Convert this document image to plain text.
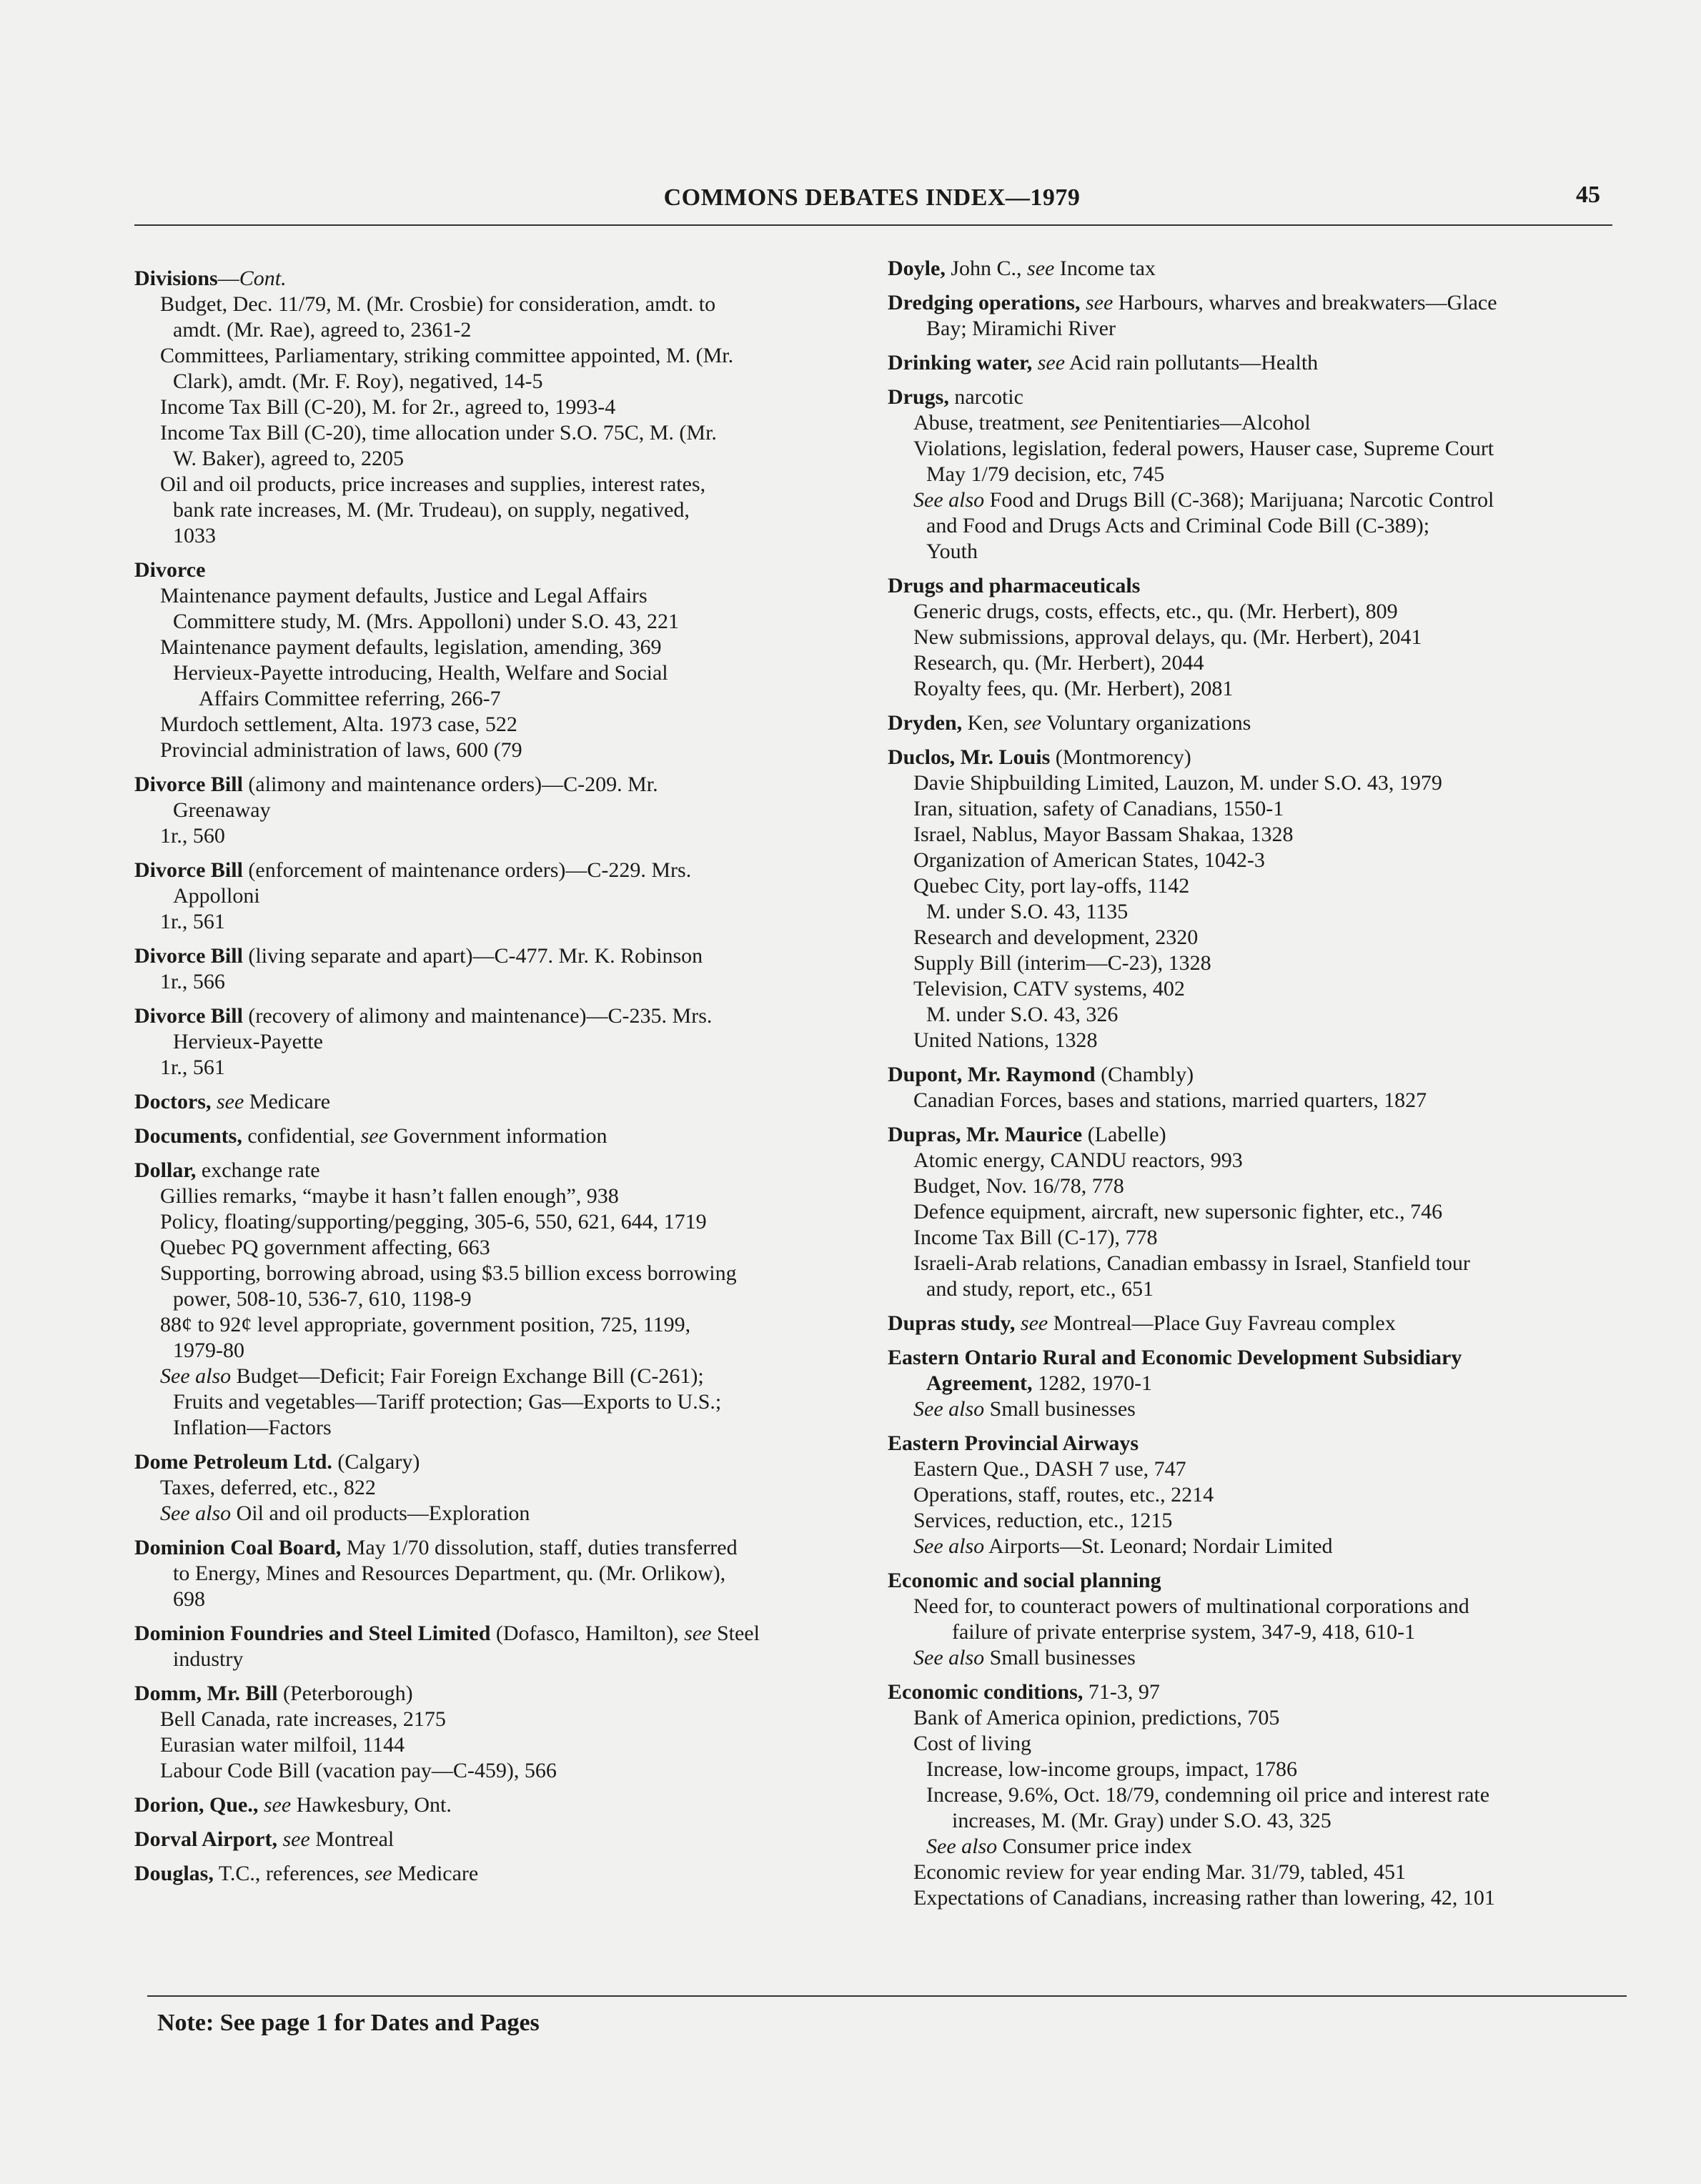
COMMONS DEBATES INDEX—1979	45
Divisions—Cont.
Budget, Dec. 11/79, M. (Mr. Crosbie) for consideration, amdt. to
amdt. (Mr. Rae), agreed to, 2361-2
Committees, Parliamentary, striking committee appointed, M. (Mr.
Clark), amdt. (Mr. F. Roy), negatived, 14-5
Income Tax Bill (C-20), M. for 2r., agreed to, 1993-4
Income Tax Bill (C-20), time allocation under S.O. 75C, M. (Mr.
W. Baker), agreed to, 2205
Oil and oil products, price increases and supplies, interest rates,
bank rate increases, M. (Mr. Trudeau), on supply, negatived,
1033
Divorce
Maintenance payment defaults, Justice and Legal Affairs
Committere study, M. (Mrs. Appolloni) under S.O. 43, 221
Maintenance payment defaults, legislation, amending, 369
Hervieux-Payette introducing, Health, Welfare and Social
Affairs Committee referring, 266-7
Murdoch settlement, Alta. 1973 case, 522
Provincial administration of laws, 600 (79
Divorce Bill (alimony and maintenance orders)—C-209. Mr.
Greenaway
1r., 560
Divorce Bill (enforcement of maintenance orders)—C-229. Mrs.
Appolloni
1r., 561
Divorce Bill (living separate and apart)—C-477. Mr. K. Robinson
1r., 566
Divorce Bill (recovery of alimony and maintenance)—C-235. Mrs.
Hervieux-Payette
1r., 561
Doctors, see Medicare
Documents, confidential, see Government information
Dollar, exchange rate
Gillies remarks, “maybe it hasn’t fallen enough”, 938
Policy, floating/supporting/pegging, 305-6, 550, 621, 644, 1719
Quebec PQ government affecting, 663
Supporting, borrowing abroad, using $3.5 billion excess borrowing
power, 508-10, 536-7, 610, 1198-9
88¢ to 92¢ level appropriate, government position, 725, 1199,
1979-80
See also Budget—Deficit; Fair Foreign Exchange Bill (C-261);
Fruits and vegetables—Tariff protection; Gas—Exports to U.S.;
Inflation—Factors
Dome Petroleum Ltd. (Calgary)
Taxes, deferred, etc., 822
See also Oil and oil products—Exploration
Dominion Coal Board, May 1/70 dissolution, staff, duties transferred
to Energy, Mines and Resources Department, qu. (Mr. Orlikow),
698
Dominion Foundries and Steel Limited (Dofasco, Hamilton), see Steel
industry
Domm, Mr. Bill (Peterborough)
Bell Canada, rate increases, 2175
Eurasian water milfoil, 1144
Labour Code Bill (vacation pay—C-459), 566
Dorion, Que., see Hawkesbury, Ont.
Dorval Airport, see Montreal
Douglas, T.C., references, see Medicare
Doyle, John C., see Income tax
Dredging operations, see Harbours, wharves and breakwaters—Glace
Bay; Miramichi River
Drinking water, see Acid rain pollutants—Health
Drugs, narcotic
Abuse, treatment, see Penitentiaries—Alcohol
Violations, legislation, federal powers, Hauser case, Supreme Court
May 1/79 decision, etc, 745
See also Food and Drugs Bill (C-368); Marijuana; Narcotic Control
and Food and Drugs Acts and Criminal Code Bill (C-389);
Youth
Drugs and pharmaceuticals
Generic drugs, costs, effects, etc., qu. (Mr. Herbert), 809
New submissions, approval delays, qu. (Mr. Herbert), 2041
Research, qu. (Mr. Herbert), 2044
Royalty fees, qu. (Mr. Herbert), 2081
Dryden, Ken, see Voluntary organizations
Duclos, Mr. Louis (Montmorency)
Davie Shipbuilding Limited, Lauzon, M. under S.O. 43, 1979
Iran, situation, safety of Canadians, 1550-1
Israel, Nablus, Mayor Bassam Shakaa, 1328
Organization of American States, 1042-3
Quebec City, port lay-offs, 1142
M. under S.O. 43, 1135
Research and development, 2320
Supply Bill (interim—C-23), 1328
Television, CATV systems, 402
M. under S.O. 43, 326
United Nations, 1328
Dupont, Mr. Raymond (Chambly)
Canadian Forces, bases and stations, married quarters, 1827
Dupras, Mr. Maurice (Labelle)
Atomic energy, CANDU reactors, 993
Budget, Nov. 16/78, 778
Defence equipment, aircraft, new supersonic fighter, etc., 746
Income Tax Bill (C-17), 778
Israeli-Arab relations, Canadian embassy in Israel, Stanfield tour
and study, report, etc., 651
Dupras study, see Montreal—Place Guy Favreau complex
Eastern Ontario Rural and Economic Development Subsidiary
Agreement, 1282, 1970-1
See also Small businesses
Eastern Provincial Airways
Eastern Que., DASH 7 use, 747
Operations, staff, routes, etc., 2214
Services, reduction, etc., 1215
See also Airports—St. Leonard; Nordair Limited
Economic and social planning
Need for, to counteract powers of multinational corporations and
failure of private enterprise system, 347-9, 418, 610-1
See also Small businesses
Economic conditions, 71-3, 97
Bank of America opinion, predictions, 705
Cost of living
Increase, low-income groups, impact, 1786
Increase, 9.6%, Oct. 18/79, condemning oil price and interest rate
increases, M. (Mr. Gray) under S.O. 43, 325
See also Consumer price index
Economic review for year ending Mar. 31/79, tabled, 451
Expectations of Canadians, increasing rather than lowering, 42, 101
Note: See page 1 for Dates and Pages
